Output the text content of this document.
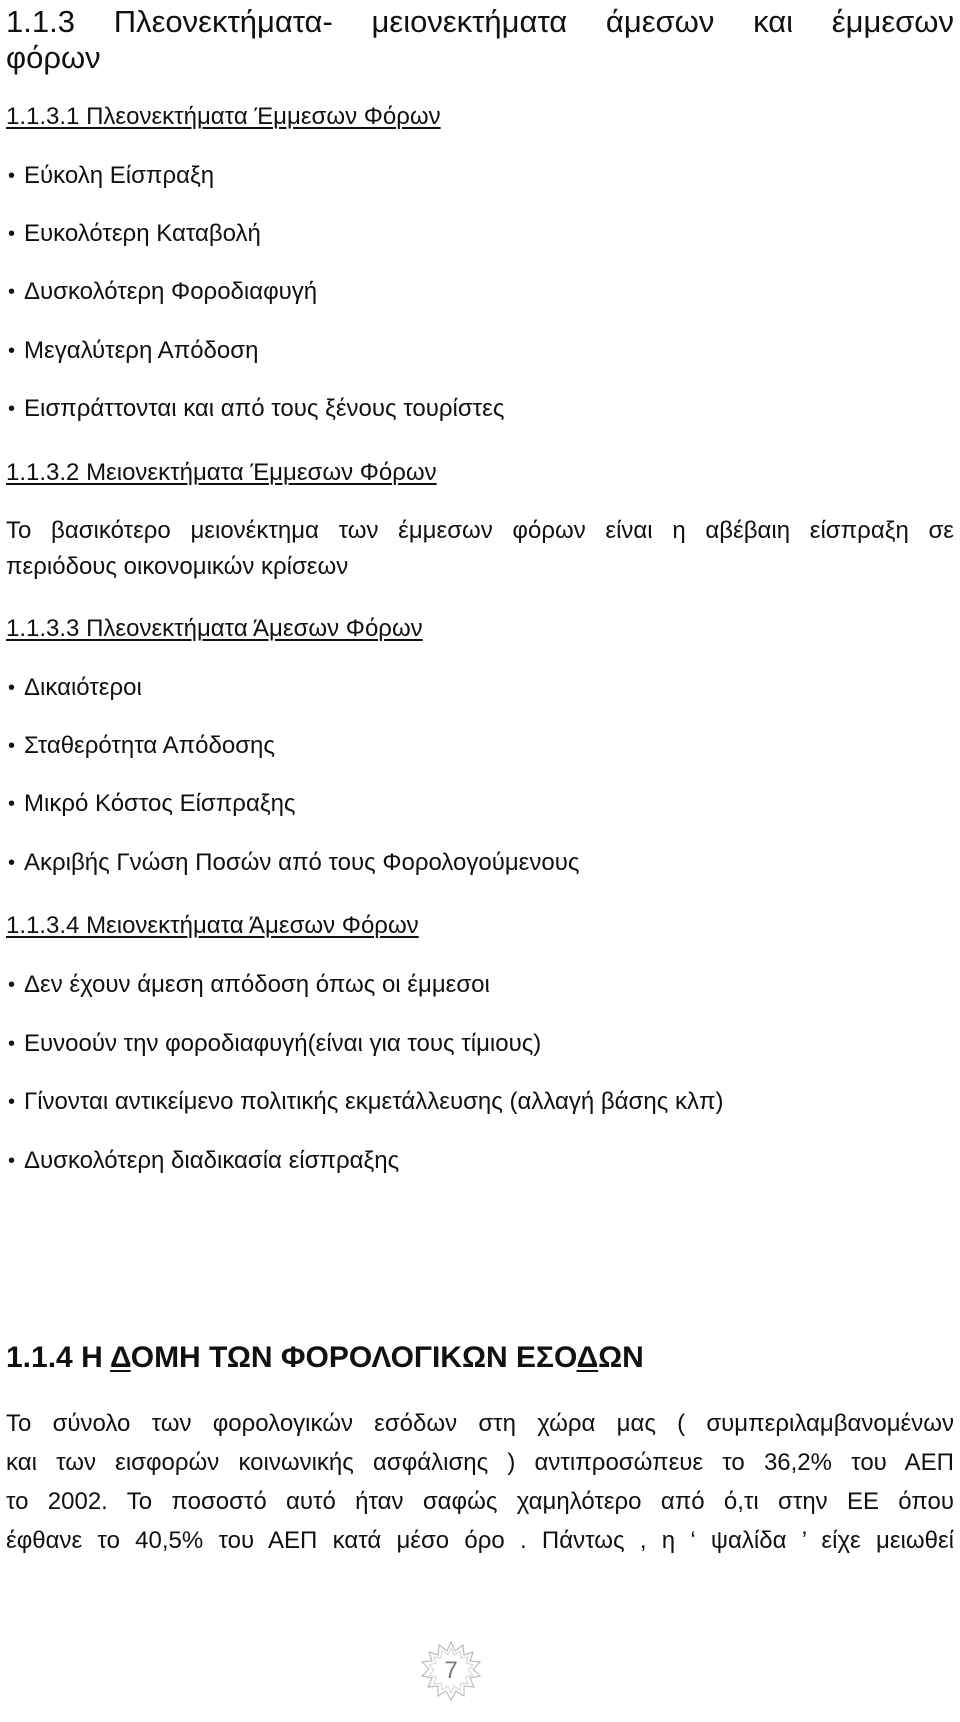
1.1.3 Πλεονεκτήματα- μειονεκτήματα άμεσων και έμμεσων
φόρων
1.1.3.1 Πλεονεκτήματα Έμμεσων Φόρων
• Εύκολη Είσπραξη
• Ευκολότερη Καταβολή
• Δυσκολότερη Φοροδιαφυγή
• Μεγαλύτερη Απόδοση
• Εισπράττονται και από τους ξένους τουρίστες
1.1.3.2 Μειονεκτήματα Έμμεσων Φόρων
Το βασικότερο μειονέκτημα των έμμεσων φόρων είναι η αβέβαιη είσπραξη σε
περιόδους οικονομικών κρίσεων
1.1.3.3 Πλεονεκτήματα Άμεσων Φόρων
• Δικαιότεροι
• Σταθερότητα Απόδοσης
• Μικρό Κόστος Είσπραξης
• Ακριβής Γνώση Ποσών από τους Φορολογούμενους
1.1.3.4 Μειονεκτήματα Άμεσων Φόρων
• Δεν έχουν άμεση απόδοση όπως οι έμμεσοι
• Ευνοούν την φοροδιαφυγή(είναι για τους τίμιους)
• Γίνονται αντικείμενο πολιτικής εκμετάλλευσης (αλλαγή βάσης κλπ)
• Δυσκολότερη διαδικασία είσπραξης
1.1.4 Η ΔΟΜΗ ΤΩΝ ΦΟΡΟΛΟΓΙΚΩΝ ΕΣΟΔΩΝ
Το σύνολο των φορολογικών εσόδων στη χώρα μας ( συμπεριλαμβανομένων
και των εισφορών κοινωνικής ασφάλισης ) αντιπροσώπευε το 36,2% του ΑΕΠ
το 2002. Το ποσοστό αυτό ήταν σαφώς χαμηλότερο από ό,τι στην ΕΕ όπου
έφθανε το 40,5% του ΑΕΠ κατά μέσο όρο . Πάντως , η ‘ ψαλίδα ’ είχε μειωθεί
7
